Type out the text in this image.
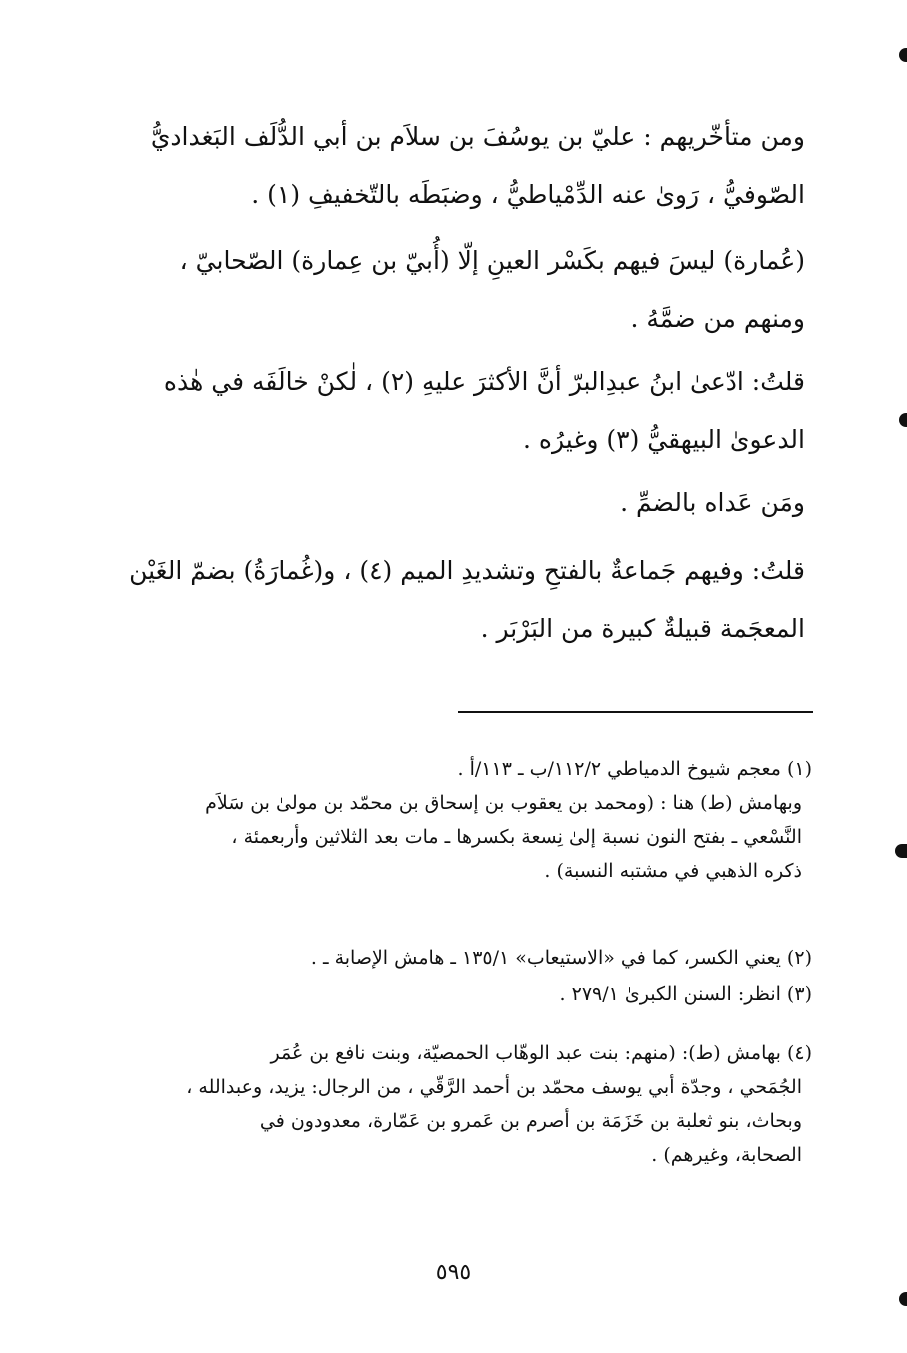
ومن متأخّريهم : عليّ بن يوسُفَ بن سلاَم بن أبي الدُّلَف البَغداديُّ
الصّوفيُّ ، رَوىٰ عنه الدِّمْياطيُّ ، وضبَطَه بالتّخفيفِ (١) .

(عُمارة) ليسَ فيهم بكَسْر العينِ إلّا (أُبيّ بن عِمارة) الصّحابيّ ،
ومنهم من ضمَّهُ .

قلتُ: ادّعىٰ ابنُ عبدِالبرّ أنَّ الأكثرَ عليهِ (٢) ، لٰكنْ خالَفَه في هٰذه
الدعوىٰ البيهقيُّ (٣) وغيرُه .

ومَن عَداه بالضمِّ .

قلتُ: وفيهم جَماعةٌ بالفتحِ وتشديدِ الميم (٤) ، و(غُمارَةُ) بضمّ الغَيْن
المعجَمة قبيلةٌ كبيرة من البَرْبَر .

(١) معجم شيوخ الدمياطي ١١٢/٢/ب ـ ١١٣/أ .
وبهامش (ط) هنا : (ومحمد بن يعقوب بن إسحاق بن محمّد بن مولىٰ بن سَلاَم
النَّسْعي ـ بفتح النون نسبة إلىٰ نِسعة بكسرها ـ مات بعد الثلاثين وأربعمئة ،
ذكره الذهبي في مشتبه النسبة) .

(٢) يعني الكسر، كما في «الاستيعاب» ١٣٥/١ ـ هامش الإصابة ـ .

(٣) انظر: السنن الكبرىٰ ٢٧٩/١ .

(٤) بهامش (ط): (منهم: بنت عبد الوهّاب الحمصيّة، وبنت نافع بن عُمَر
الجُمَحي ، وجدّة أبي يوسف محمّد بن أحمد الرَّقّي ، من الرجال: يزيد، وعبدالله ،
وبحاث، بنو ثعلبة بن خَزَمَة بن أصرم بن عَمرو بن عَمّارة، معدودون في
الصحابة، وغيرهم) .

٥٩٥
